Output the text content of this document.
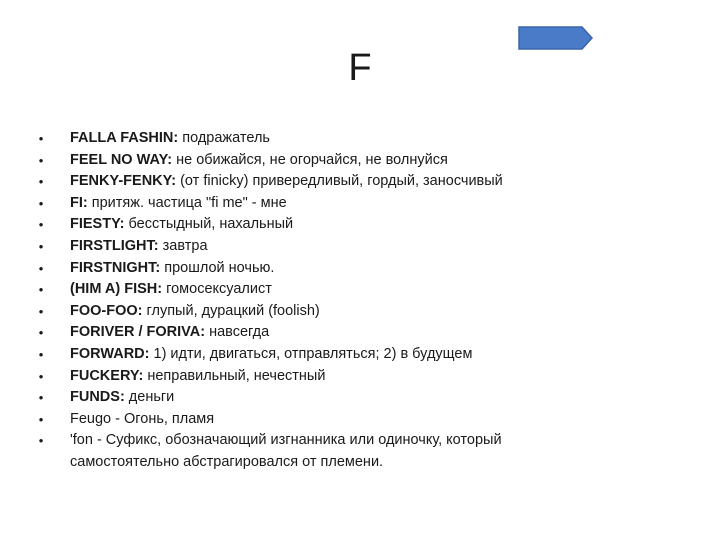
F
• FALLA FASHIN: подражатель
• FEEL NO WAY: не обижайся, не огорчайся, не волнуйся
• FENKY-FENKY: (от finicky) привередливый, гордый, заносчивый
• FI: притяж. частица "fi me" - мне
• FIESTY: бесстыдный, нахальный
• FIRSTLIGHT: завтра
• FIRSTNIGHT: прошлой ночью.
• (HIM A) FISH: гомосексуалист
• FOO-FOO: глупый, дурацкий (foolish)
• FORIVER / FORIVA: навсегда
• FORWARD: 1) идти, двигаться, отправляться; 2) в будущем
• FUCKERY: неправильный, нечестный
• FUNDS: деньги
• Feugo - Огонь, пламя
• 'fon - Суфикс, обозначающий изгнанника или одиночку, который самостоятельно абстрагировался от племени.
